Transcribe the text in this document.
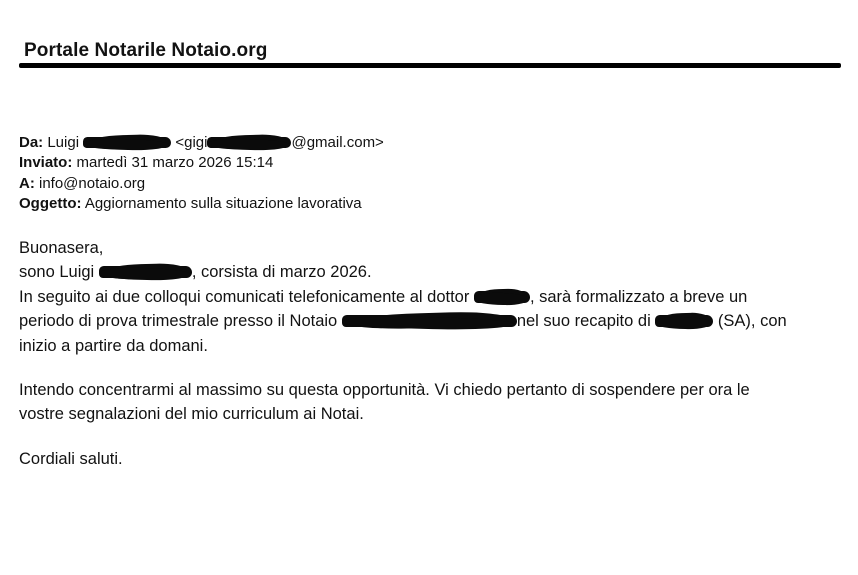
Portale Notarile Notaio.org
Da: Luigi	<gigi	@gmail.com>
Inviato: martedì 31 marzo 2026 15:14
A: info@notaio.org
Oggetto: Aggiornamento sulla situazione lavorativa
Buonasera,
sono Luigi	, corsista di marzo 2026.
In seguito ai due colloqui comunicati telefonicamente al dottor	, sarà formalizzato a breve un
periodo di prova trimestrale presso il Notaio	nel suo recapito di	(SA), con
inizio a partire da domani.
Intendo concentrarmi al massimo su questa opportunità. Vi chiedo pertanto di sospendere per ora le
vostre segnalazioni del mio curriculum ai Notai.
Cordiali saluti.
